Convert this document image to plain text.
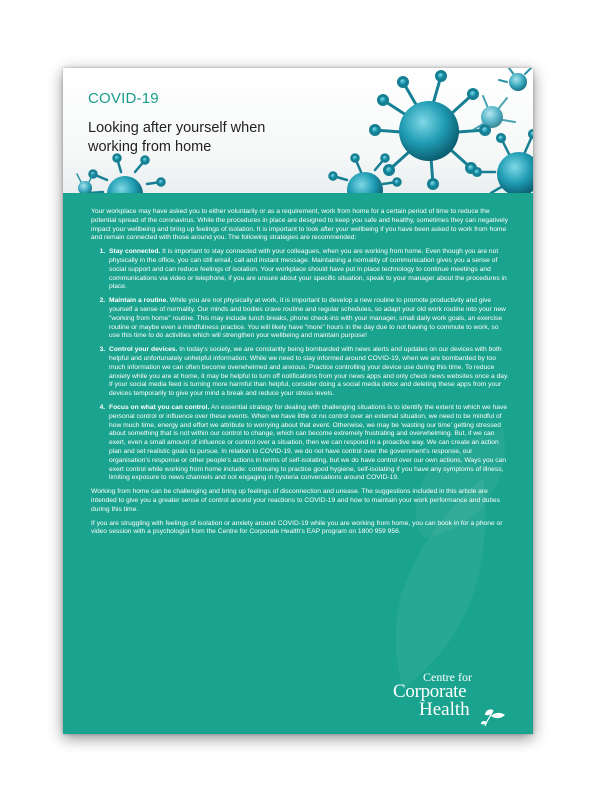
COVID-19
Looking after yourself when working from home

Your workplace may have asked you to either voluntarily or as a requirement, work from home for a certain period of time to reduce the potential spread of the coronavirus. While the procedures in place are designed to keep you safe and healthy, sometimes they can negatively impact your wellbeing and bring up feelings of isolation. It is important to look after your wellbeing if you have been asked to work from home and remain connected with those around you. The following strategies are recommended:

1. Stay connected. It is important to stay connected with your colleagues, when you are working from home. Even though you are not physically in the office, you can still email, call and instant message. Maintaining a normality of communication gives you a sense of social support and can reduce feelings of isolation. Your workplace should have put in place technology to continue meetings and communications via video or telephone, if you are unsure about your specific situation, speak to your manager about the procedures in place.
2. Maintain a routine. While you are not physically at work, it is important to develop a new routine to promote productivity and give yourself a sense of normality. Our minds and bodies crave routine and regular schedules, so adapt your old work routine into your new "working from home" routine. This may include lunch breaks, phone check-ins with your manager, small daily work goals, an exercise routine or maybe even a mindfulness practice. You will likely have "more" hours in the day due to not having to commute to work, so use this time to do activities which will strengthen your wellbeing and maintain purpose!
3. Control your devices. In today's society, we are constantly being bombarded with news alerts and updates on our devices with both helpful and unfortunately unhelpful information. While we need to stay informed around COVID-19, when we are bombarded by too much information we can often become overwhelmed and anxious. Practice controlling your device use during this time. To reduce anxiety while you are at home, it may be helpful to turn off notifications from your news apps and only check news websites once a day. If your social media feed is turning more harmful than helpful, consider doing a social media detox and deleting these apps from your devices temporarily to give your mind a break and reduce your stress levels.
4. Focus on what you can control. An essential strategy for dealing with challenging situations is to identify the extent to which we have personal control or influence over these events. When we have little or no control over an external situation, we need to be mindful of how much time, energy and effort we attribute to worrying about that event. Otherwise, we may be 'wasting our time' getting stressed about something that is not within our control to change, which can become extremely frustrating and overwhelming. But, if we can exert, even a small amount of influence or control over a situation, then we can respond in a proactive way. We can create an action plan and set realistic goals to pursue. In relation to COVID-19, we do not have control over the government's response, our organisation's response or other people's actions in terms of self-isolating, but we do have control over our own actions. Ways you can exert control while working from home include: continuing to practice good hygiene, self-isolating if you have any symptoms of illness, limiting exposure to news channels and not engaging in hysteria conversations around COVID-19.

Working from home can be challenging and bring up feelings of disconnection and unease. The suggestions included in this article are intended to give you a greater sense of control around your reactions to COVID-19 and how to maintain your work performance and duties during this time.

If you are struggling with feelings of isolation or anxiety around COVID-19 while you are working from home, you can book in for a phone or video session with a psychologist from the Centre for Corporate Health's EAP program on 1800 959 956.

Centre for
Corporate
Health
